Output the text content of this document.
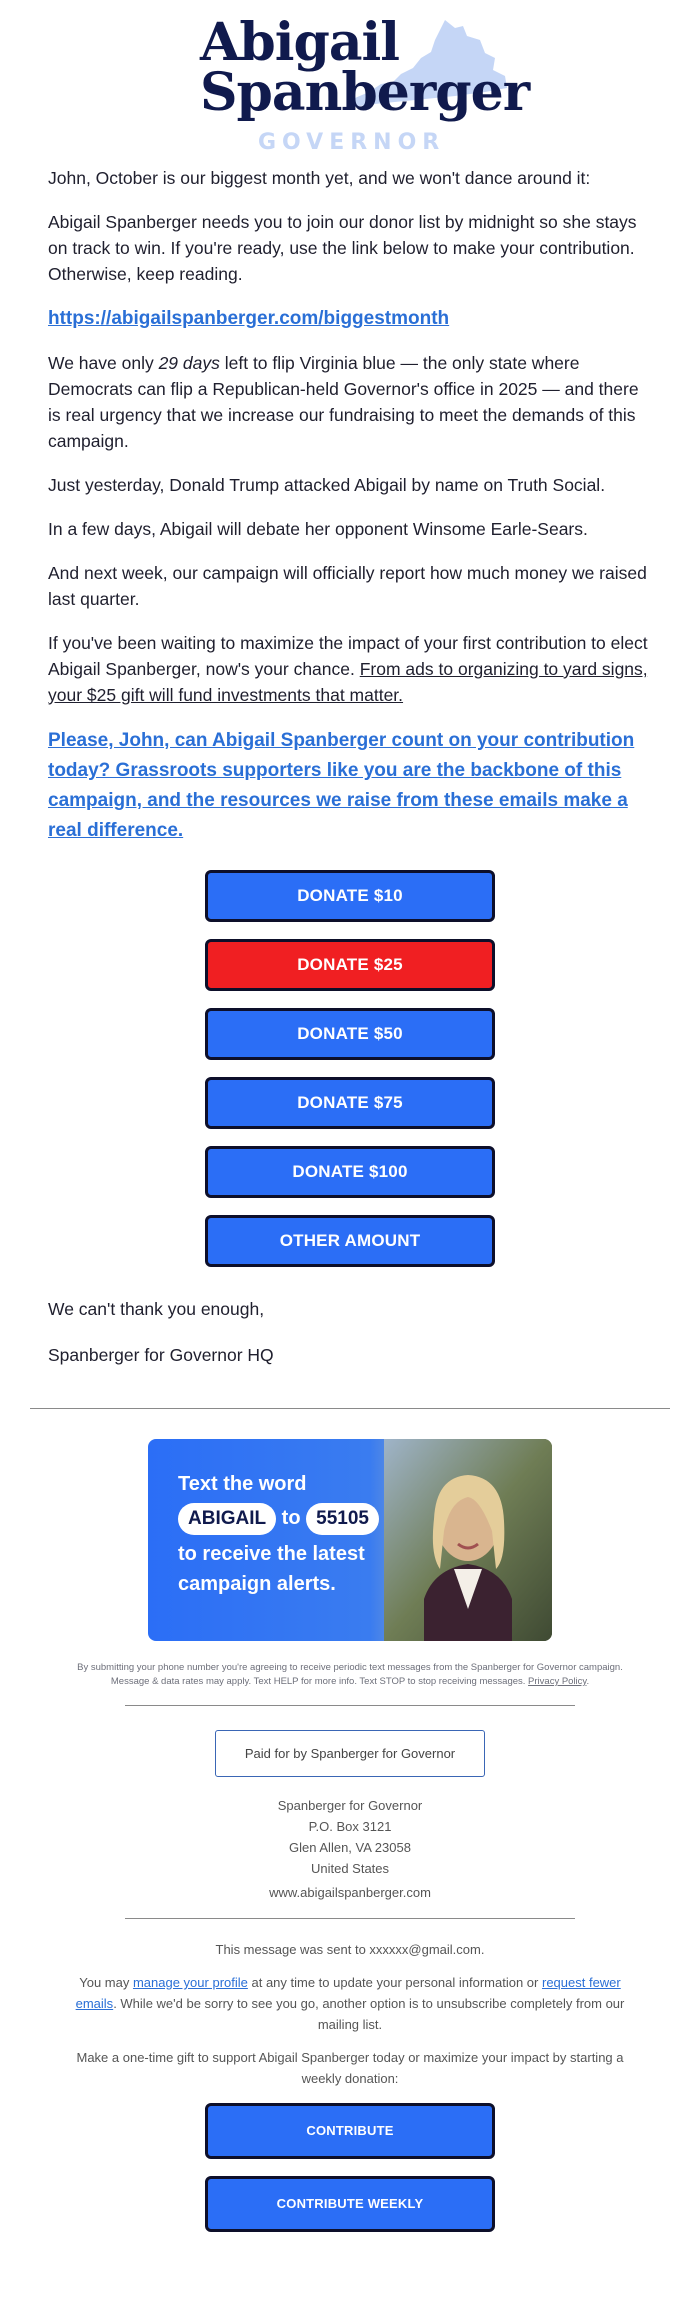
Abigail
Spanberger
GOVERNOR

John, October is our biggest month yet, and we won't dance around it:

Abigail Spanberger needs you to join our donor list by midnight so she stays on track to win. If you're ready, use the link below to make your contribution. Otherwise, keep reading.

https://abigailspanberger.com/biggestmonth

We have only 29 days left to flip Virginia blue — the only state where Democrats can flip a Republican-held Governor's office in 2025 — and there is real urgency that we increase our fundraising to meet the demands of this campaign.

Just yesterday, Donald Trump attacked Abigail by name on Truth Social.

In a few days, Abigail will debate her opponent Winsome Earle-Sears.

And next week, our campaign will officially report how much money we raised last quarter.

If you've been waiting to maximize the impact of your first contribution to elect Abigail Spanberger, now's your chance. From ads to organizing to yard signs, your $25 gift will fund investments that matter.

Please, John, can Abigail Spanberger count on your contribution today? Grassroots supporters like you are the backbone of this campaign, and the resources we raise from these emails make a real difference.

DONATE $10
DONATE $25
DONATE $50
DONATE $75
DONATE $100
OTHER AMOUNT

We can't thank you enough,

Spanberger for Governor HQ

Text the word
ABIGAIL to 55105
to receive the latest
campaign alerts.
By submitting your phone number you're agreeing to receive periodic text messages from the Spanberger for Governor campaign. Message & data rates may apply. Text HELP for more info. Text STOP to stop receiving messages. Privacy Policy.
Paid for by Spanberger for Governor
Spanberger for Governor
P.O. Box 3121
Glen Allen, VA 23058
United States
www.abigailspanberger.com
This message was sent to xxxxxx@gmail.com.
You may manage your profile at any time to update your personal information or request fewer emails. While we'd be sorry to see you go, another option is to unsubscribe completely from our mailing list.
Make a one-time gift to support Abigail Spanberger today or maximize your impact by starting a weekly donation:
CONTRIBUTE
CONTRIBUTE WEEKLY
